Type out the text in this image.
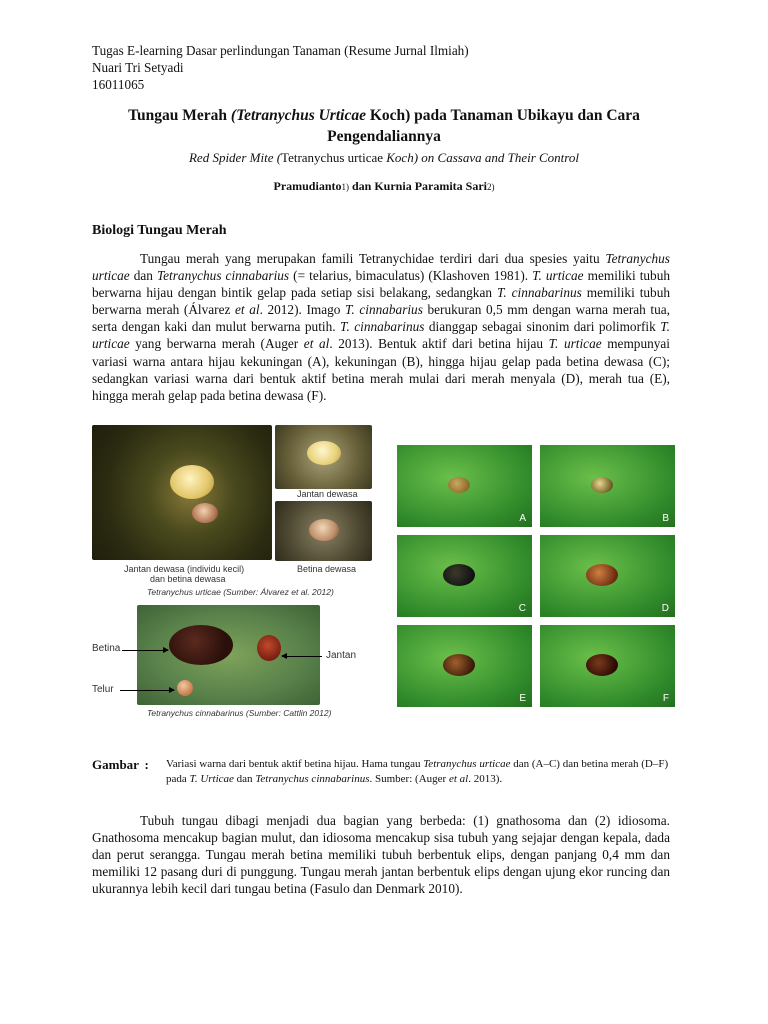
Tugas E-learning Dasar perlindungan Tanaman (Resume Jurnal Ilmiah)
Nuari Tri Setyadi
16011065
Tungau Merah (Tetranychus Urticae Koch) pada Tanaman Ubikayu dan Cara Pengendaliannya
Red Spider Mite (Tetranychus urticae Koch) on Cassava and Their Control
Pramudianto1) dan Kurnia Paramita Sari2)
Biologi Tungau Merah
Tungau merah yang merupakan famili Tetranychidae terdiri dari dua spesies yaitu Tetranychus urticae dan Tetranychus cinnabarius (= telarius, bimaculatus) (Klashoven 1981). T. urticae memiliki tubuh berwarna hijau dengan bintik gelap pada setiap sisi belakang, sedangkan T. cinnabarinus memiliki tubuh berwarna merah (Álvarez et al. 2012). Imago T. cinnabarius berukuran 0,5 mm dengan warna merah tua, serta dengan kaki dan mulut berwarna putih. T. cinnabarinus dianggap sebagai sinonim dari polimorfik T. urticae yang berwarna merah (Auger et al. 2013). Bentuk aktif dari betina hijau T. urticae mempunyai variasi warna antara hijau kekuningan (A), kekuningan (B), hingga hijau gelap pada betina dewasa (C); sedangkan variasi warna dari bentuk aktif betina merah mulai dari merah menyala (D), merah tua (E), hingga merah gelap pada betina dewasa (F).
Jantan dewasa
Jantan dewasa (individu kecil)
dan betina dewasa
Betina dewasa
Tetranychus urticae (Sumber: Álvarez et al. 2012)
Betina
Jantan
Telur
Tetranychus cinnabarinus (Sumber: Cattlin 2012)
A	B
C	D
E	F
Gambar : Variasi warna dari bentuk aktif betina hijau. Hama tungau Tetranychus urticae dan (A–C) dan betina merah (D–F) pada T. Urticae dan Tetranychus cinnabarinus. Sumber: (Auger et al. 2013).
Tubuh tungau dibagi menjadi dua bagian yang berbeda: (1) gnathosoma dan (2) idiosoma. Gnathosoma mencakup bagian mulut, dan idiosoma mencakup sisa tubuh yang sejajar dengan kepala, dada dan perut serangga. Tungau merah betina memiliki tubuh berbentuk elips, dengan panjang 0,4 mm dan memiliki 12 pasang duri di punggung. Tungau merah jantan berbentuk elips dengan ujung ekor runcing dan ukurannya lebih kecil dari tungau betina (Fasulo dan Denmark 2010).
